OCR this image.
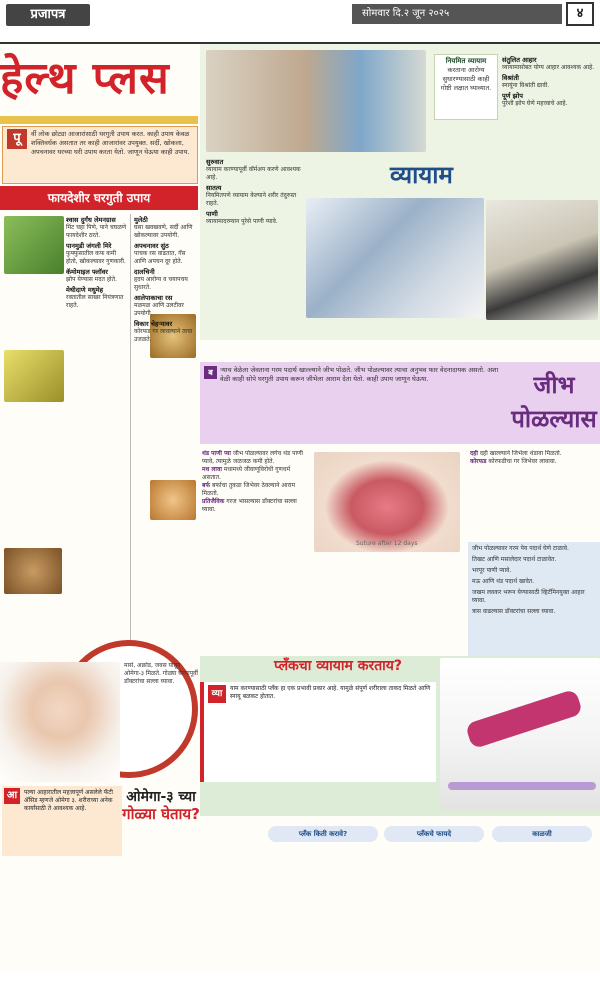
प्रजापत्र	सोमवार दि.२ जून २०२५	४
हेल्थ प्लस
पू	र्वी लोक छोट्या आजारांसाठी घरगुती उपाय करत. काही उपाय केवळ शक्तिवर्धक असतात तर काही आजारांवर उपयुक्त. सर्दी, खोकला, अपचनावर घरच्या घरी उपाय करता येतो. जाणून घेऊया काही उपाय.
फायदेशीर घरगुती उपाय
श्वास दुर्गंध लेमनग्रास
मिंट चहा पिणे, पाने चघळणे फायदेशीर ठरते.
पानमुडी जंगली मिरे
फुफ्फुसातील कफ कमी होतो, खोकल्यावर गुणकारी.
कॅमोमाइल फ्लॉवर
झोप येण्यास मदत होते.
मेथीदाणे मधुमेह
रक्तातील साखर नियंत्रणात राहते.
मुलेठी
घसा खवखवणे, सर्दी आणि खोकल्यावर उपयोगी.
अपचनावर सुंठ
पाचक रस वाढतात, गॅस आणि अपचन दूर होते.
दालचिनी
हृदय आरोग्य व चयापचय सुधारते.
आलेपाकाचा रस
मळमळ आणि उलटीवर उपयोगी.
विकार चेहऱ्यावर
कोरफड गर लावल्याने त्वचा उजळते.
नियमित व्यायाम
करताना आरोग्य सुधारण्यासाठी काही गोष्टी लक्षात घ्याव्यात.
संतुलित आहार
व्यायामासोबत योग्य आहार आवश्यक आहे.
विश्रांती
स्नायूंना विश्रांती द्यावी.
पूर्ण झोप
पुरेशी झोप घेणे महत्त्वाचे आहे.
सुरुवात
व्यायाम करण्यापूर्वी वॉर्मअप करणे आवश्यक आहे.
सातत्य
नियमितपणे व्यायाम केल्याने शरीर तंदुरुस्त राहते.
पाणी
व्यायामादरम्यान पुरेसे पाणी प्यावे.
व्यायाम
ब	ऱ्याच वेळेला जेवताना गरम पदार्थ खाल्ल्याने जीभ पोळते. जीभ पोळल्यावर त्याचा अनुभव फार वेदनादायक असतो. अशा वेळी काही सोपे घरगुती उपाय करून जीभेला आराम देता येतो. काही उपाय जाणून घेऊया.	जीभ
पोळल्यास
Suture after 12 days
थंड पाणी प्या जीभ पोळल्यावर लगेच थंड पाणी प्यावे, त्यामुळे जळजळ कमी होते.
मध लावा मधामध्ये जीवाणूविरोधी गुणधर्म असतात.
बर्फ बर्फाचा तुकडा जिभेवर ठेवल्याने आराम मिळतो.
प्रतिजैविक गरज भासल्यास डॉक्टरांचा सल्ला घ्यावा.
दही दही खाल्ल्याने जिभेला थंडावा मिळतो.
कोरफड कोरफडीचा गर जिभेवर लावावा.
जीभ पोळल्यावर गरम पेय पदार्थ घेणे टाळावे.
तिखट आणि मसालेदार पदार्थ टाळावेत.
भरपूर पाणी प्यावे.
मऊ आणि थंड पदार्थ खावेत.
जखम लवकर भरून येण्यासाठी व्हिटॅमिनयुक्त आहार घ्यावा.
त्रास वाढल्यास डॉक्टरांचा सल्ला घ्यावा.
मासे, अक्रोड, जवस यातून ओमेगा-३ मिळते. गोळ्या घेण्यापूर्वी डॉक्टरांचा सल्ला घ्यावा.
ओमेगा-३ च्या
गोळ्या घेताय?
आ	पल्या आहारातील महत्त्वपूर्ण असलेले फॅटी ॲसिड म्हणजे ओमेगा ३. शरीराच्या अनेक कार्यांसाठी ते आवश्यक आहे.
प्लँकचा व्यायाम करताय?
व्या
याम करण्यासाठी प्लँक हा एक प्रभावी प्रकार आहे. यामुळे संपूर्ण शरीराला ताकद मिळते आणि स्नायू बळकट होतात.
प्लँक किती करावे?	प्लँकचे फायदे	काळजी
